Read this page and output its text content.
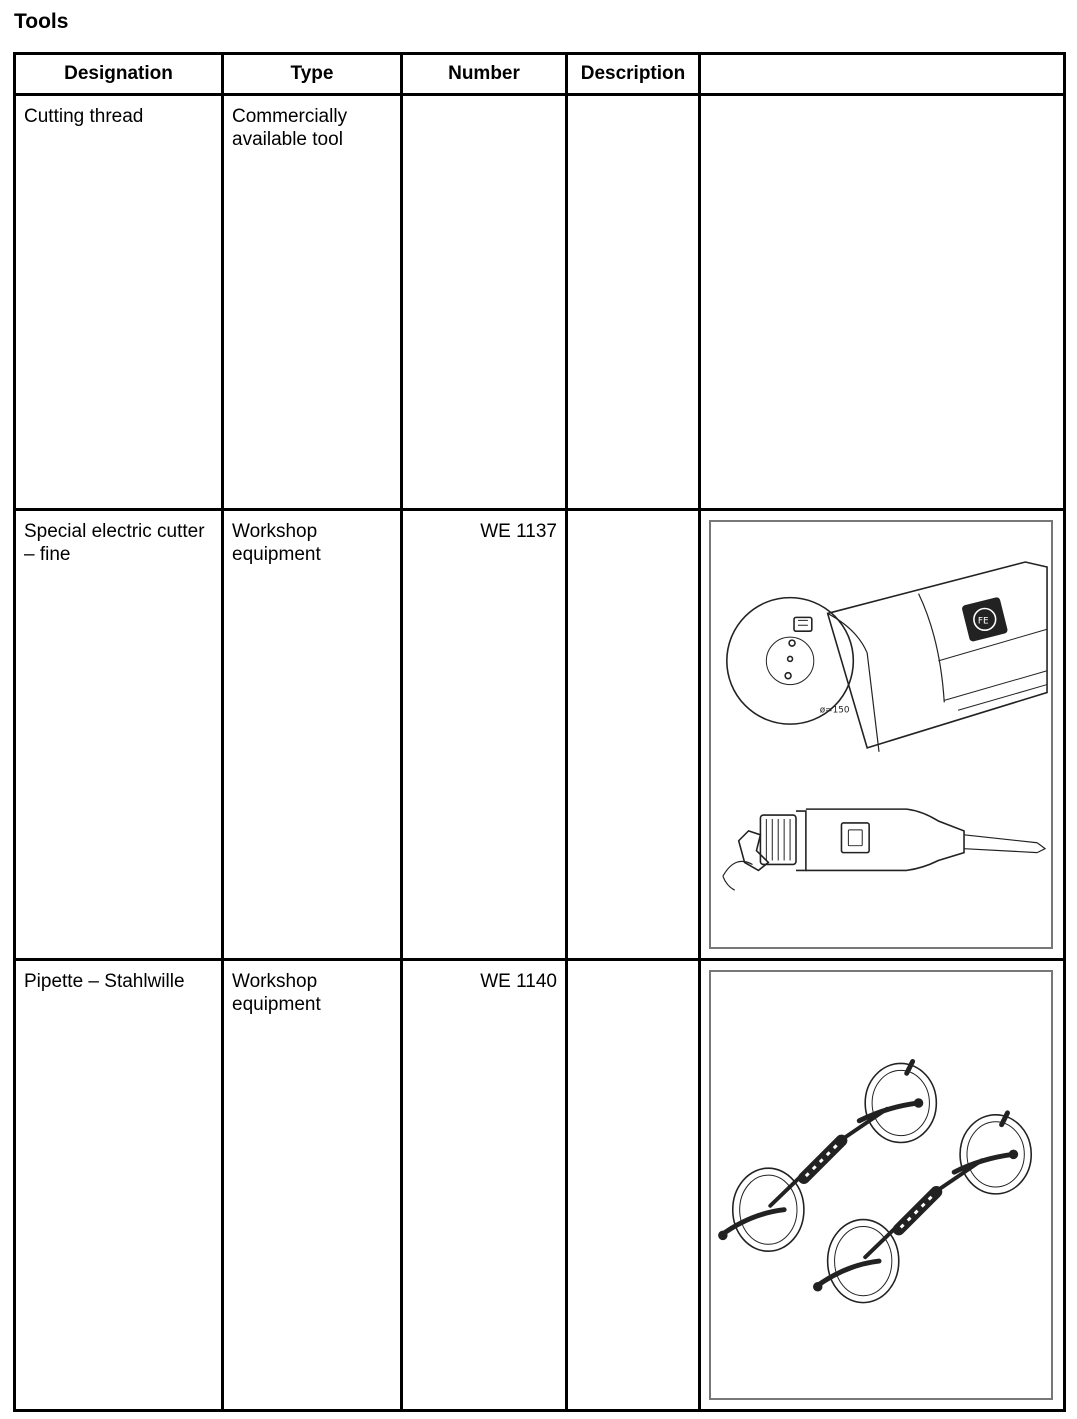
Tools
Designation	Type	Number	Description	
Cutting thread	Commercially available tool			
Special electric cutter – fine	Workshop equipment	WE 1137		ø=150
FE

Pipette – Stahlwille	Workshop equipment	WE 1140		
